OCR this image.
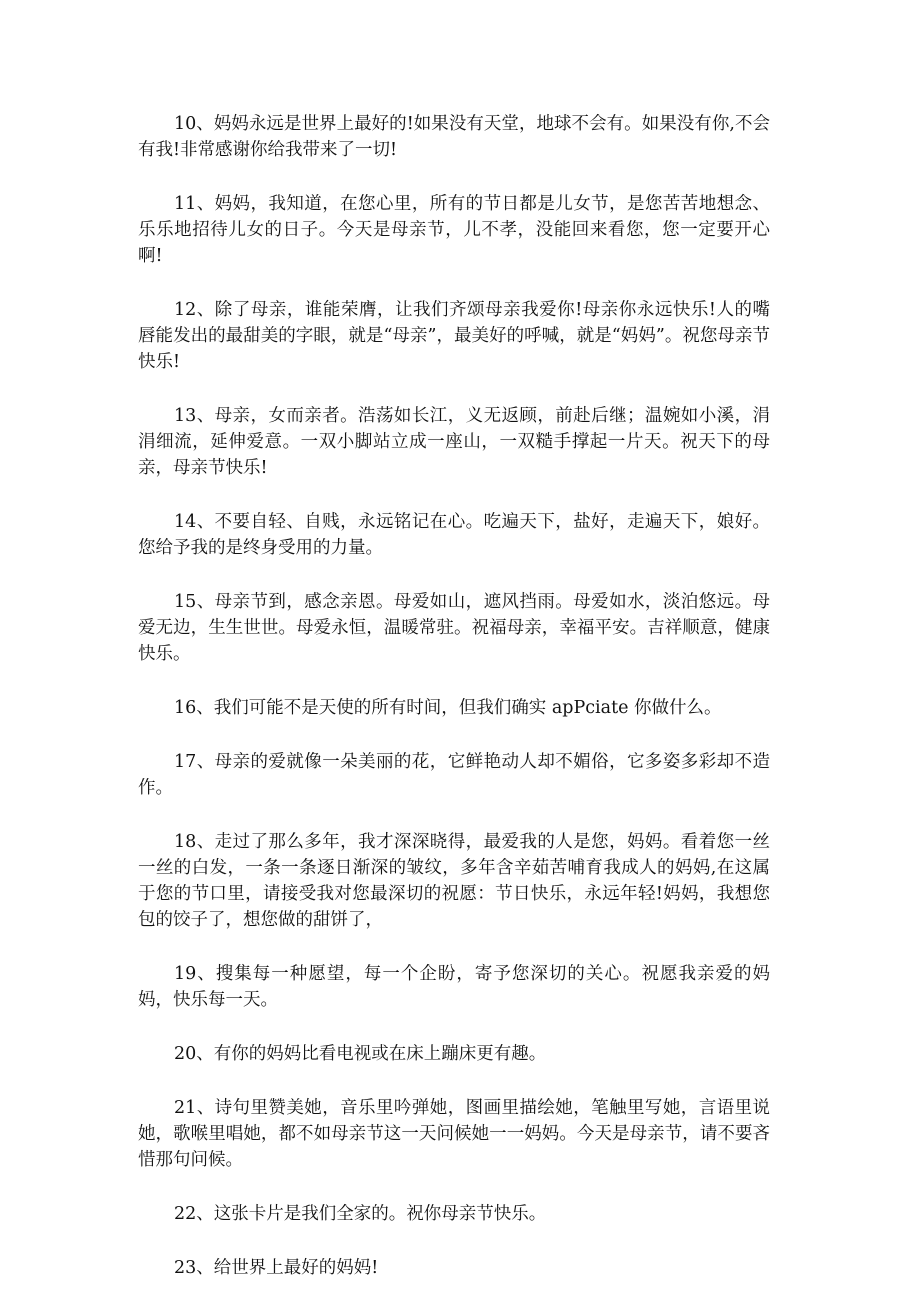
10、妈妈永远是世界上最好的!如果没有天堂，地球不会有。如果没有你,不会有我!非常感谢你给我带来了一切!

11、妈妈，我知道，在您心里，所有的节日都是儿女节，是您苦苦地想念、乐乐地招待儿女的日子。今天是母亲节，儿不孝，没能回来看您，您一定要开心啊!

12、除了母亲，谁能荣膺，让我们齐颂母亲我爱你!母亲你永远快乐!人的嘴唇能发出的最甜美的字眼，就是“母亲”，最美好的呼喊，就是“妈妈”。祝您母亲节快乐!

13、母亲，女而亲者。浩荡如长江，义无返顾，前赴后继；温婉如小溪，涓涓细流，延伸爱意。一双小脚站立成一座山，一双糙手撑起一片天。祝天下的母亲，母亲节快乐!

14、不要自轻、自贱，永远铭记在心。吃遍天下，盐好，走遍天下，娘好。您给予我的是终身受用的力量。

15、母亲节到，感念亲恩。母爱如山，遮风挡雨。母爱如水，淡泊悠远。母爱无边，生生世世。母爱永恒，温暖常驻。祝福母亲，幸福平安。吉祥顺意，健康快乐。

16、我们可能不是天使的所有时间，但我们确实 apPciate 你做什么。

17、母亲的爱就像一朵美丽的花，它鲜艳动人却不媚俗，它多姿多彩却不造作。

18、走过了那么多年，我才深深晓得，最爱我的人是您，妈妈。看着您一丝一丝的白发，一条一条逐日渐深的皱纹，多年含辛茹苦哺育我成人的妈妈,在这属于您的节口里，请接受我对您最深切的祝愿：节日快乐，永远年轻!妈妈，我想您包的饺子了，想您做的甜饼了，

19、搜集每一种愿望，每一个企盼，寄予您深切的关心。祝愿我亲爱的妈妈，快乐每一天。

20、有你的妈妈比看电视或在床上蹦床更有趣。

21、诗句里赞美她，音乐里吟弹她，图画里描绘她，笔触里写她，言语里说她，歌喉里唱她，都不如母亲节这一天问候她一一妈妈。今天是母亲节，请不要吝惜那句问候。

22、这张卡片是我们全家的。祝你母亲节快乐。

23、给世界上最好的妈妈!
